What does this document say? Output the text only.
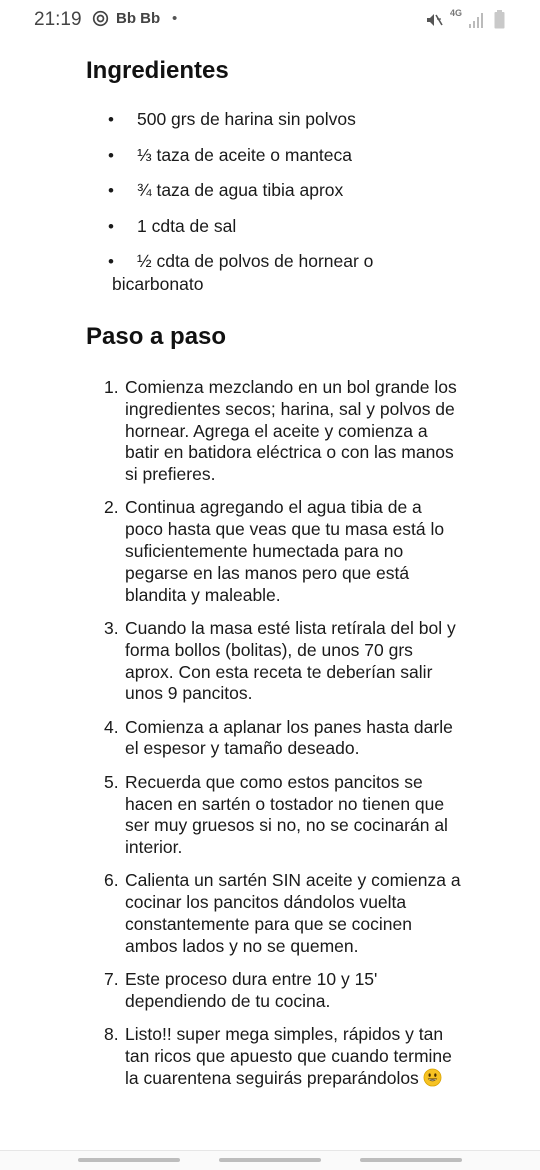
21:19 Bb Bb •	4G
Ingredientes
• 500 grs de harina sin polvos
• ⅓ taza de aceite o manteca
• ¾ taza de agua tibia aprox
• 1 cdta de sal
• ½ cdta de polvos de hornear o
bicarbonato
Paso a paso
1. Comienza mezclando en un bol grande los ingredientes secos; harina, sal y polvos de hornear. Agrega el aceite y comienza a batir en batidora eléctrica o con las manos si prefieres.
2. Continua agregando el agua tibia de a poco hasta que veas que tu masa está lo suficientemente humectada para no pegarse en las manos pero que está blandita y maleable.
3. Cuando la masa esté lista retírala del bol y forma bollos (bolitas), de unos 70 grs aprox. Con esta receta te deberían salir unos 9 pancitos.
4. Comienza a aplanar los panes hasta darle el espesor y tamaño deseado.
5. Recuerda que como estos pancitos se hacen en sartén o tostador no tienen que ser muy gruesos si no, no se cocinarán al interior.
6. Calienta un sartén SIN aceite y comienza a cocinar los pancitos dándolos vuelta constantemente para que se cocinen ambos lados y no se quemen.
7. Este proceso dura entre 10 y 15' dependiendo de tu cocina.
8. Listo!! super mega simples, rápidos y tan tan ricos que apuesto que cuando termine la cuarentena seguirás preparándolos
